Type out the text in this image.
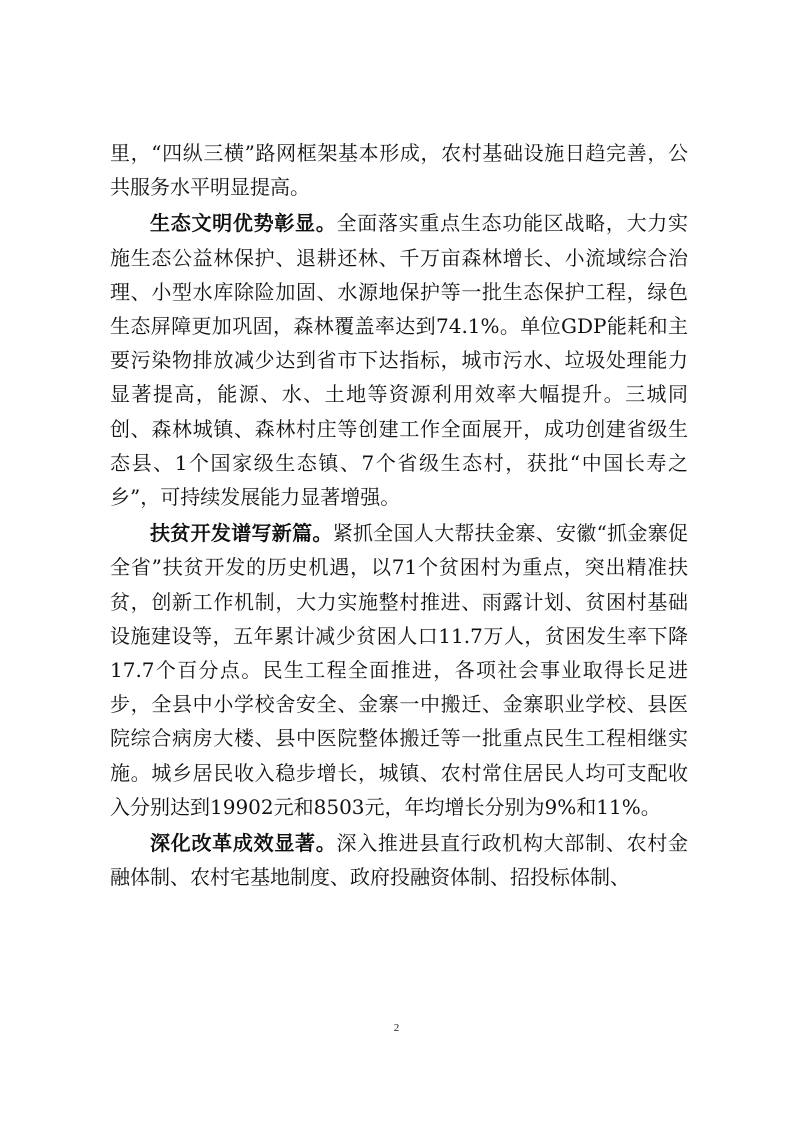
里，“四纵三横”路网框架基本形成，农村基础设施日趋完善，公共服务水平明显提高。

生态文明优势彰显。全面落实重点生态功能区战略，大力实施生态公益林保护、退耕还林、千万亩森林增长、小流域综合治理、小型水库除险加固、水源地保护等一批生态保护工程，绿色生态屏障更加巩固，森林覆盖率达到74.1%。单位GDP能耗和主要污染物排放减少达到省市下达指标，城市污水、垃圾处理能力显著提高，能源、水、土地等资源利用效率大幅提升。三城同创、森林城镇、森林村庄等创建工作全面展开，成功创建省级生态县、1个国家级生态镇、7个省级生态村，获批“中国长寿之乡”，可持续发展能力显著增强。

扶贫开发谱写新篇。紧抓全国人大帮扶金寨、安徽“抓金寨促全省”扶贫开发的历史机遇，以71个贫困村为重点，突出精准扶贫，创新工作机制，大力实施整村推进、雨露计划、贫困村基础设施建设等，五年累计减少贫困人口11.7万人，贫困发生率下降17.7个百分点。民生工程全面推进，各项社会事业取得长足进步，全县中小学校舍安全、金寨一中搬迁、金寨职业学校、县医院综合病房大楼、县中医院整体搬迁等一批重点民生工程相继实施。城乡居民收入稳步增长，城镇、农村常住居民人均可支配收入分别达到19902元和8503元，年均增长分别为9%和11%。

深化改革成效显著。深入推进县直行政机构大部制、农村金融体制、农村宅基地制度、政府投融资体制、招投标体制、

2
